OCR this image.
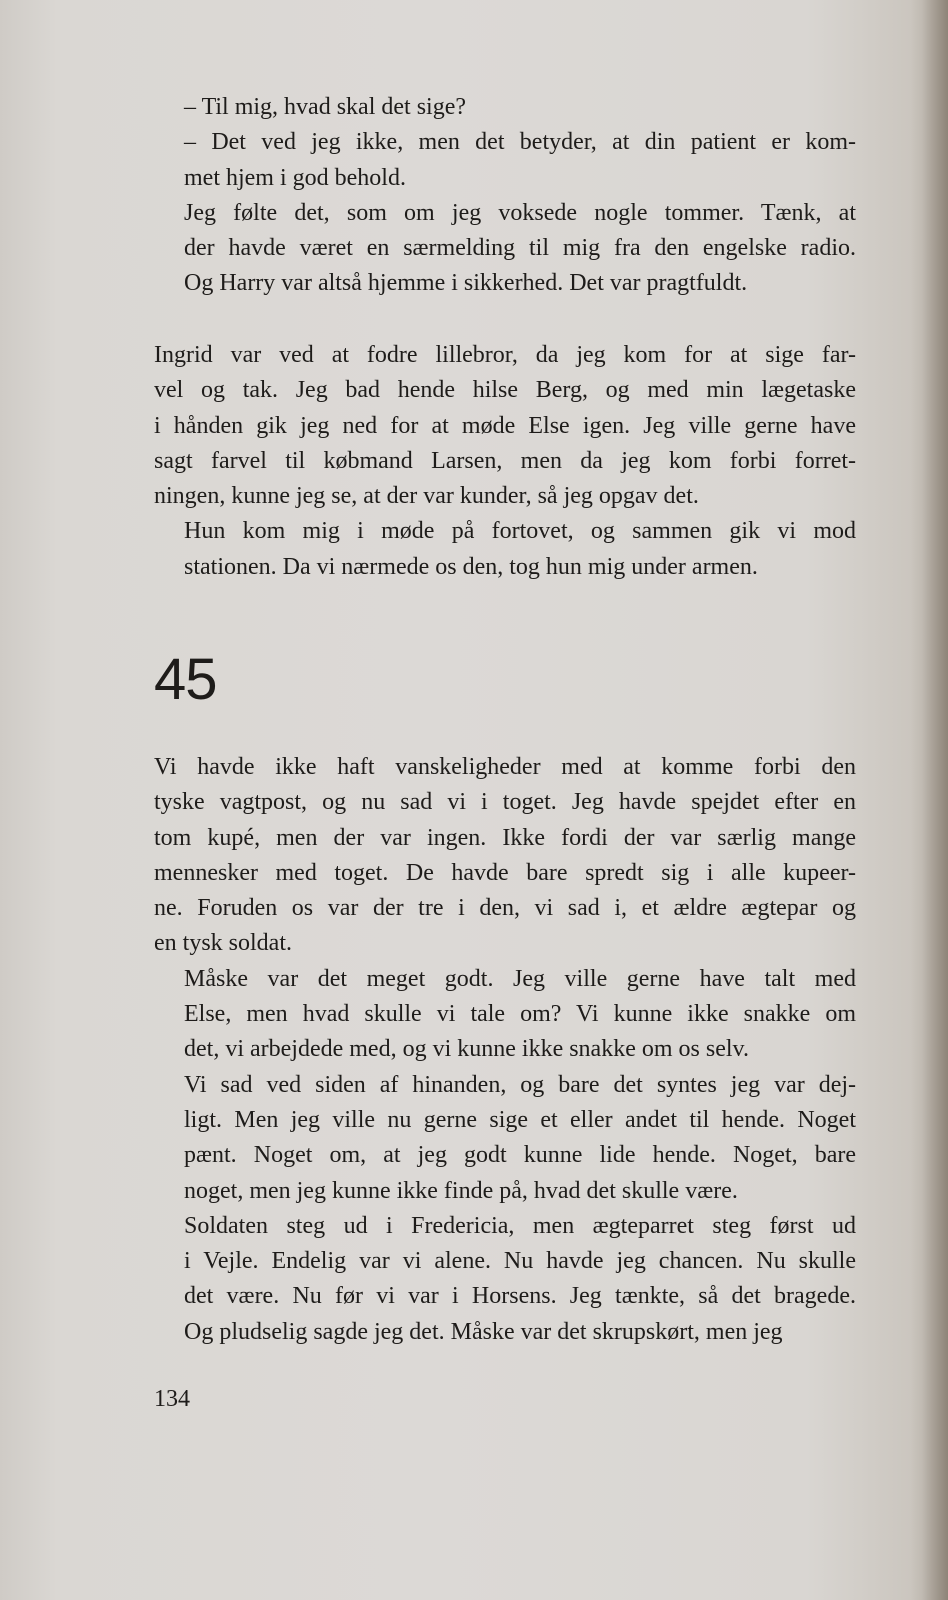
– Til mig, hvad skal det sige?

– Det ved jeg ikke, men det betyder, at din patient er kom-
met hjem i god behold.

Jeg følte det, som om jeg voksede nogle tommer. Tænk, at
der havde været en særmelding til mig fra den engelske radio.
Og Harry var altså hjemme i sikkerhed. Det var pragtfuldt.

Ingrid var ved at fodre lillebror, da jeg kom for at sige far-
vel og tak. Jeg bad hende hilse Berg, og med min lægetaske
i hånden gik jeg ned for at møde Else igen. Jeg ville gerne have
sagt farvel til købmand Larsen, men da jeg kom forbi forret-
ningen, kunne jeg se, at der var kunder, så jeg opgav det.

Hun kom mig i møde på fortovet, og sammen gik vi mod
stationen. Da vi nærmede os den, tog hun mig under armen.

45

Vi havde ikke haft vanskeligheder med at komme forbi den
tyske vagtpost, og nu sad vi i toget. Jeg havde spejdet efter en
tom kupé, men der var ingen. Ikke fordi der var særlig mange
mennesker med toget. De havde bare spredt sig i alle kupeer-
ne. Foruden os var der tre i den, vi sad i, et ældre ægtepar og
en tysk soldat.

Måske var det meget godt. Jeg ville gerne have talt med
Else, men hvad skulle vi tale om? Vi kunne ikke snakke om
det, vi arbejdede med, og vi kunne ikke snakke om os selv.

Vi sad ved siden af hinanden, og bare det syntes jeg var dej-
ligt. Men jeg ville nu gerne sige et eller andet til hende. Noget
pænt. Noget om, at jeg godt kunne lide hende. Noget, bare
noget, men jeg kunne ikke finde på, hvad det skulle være.

Soldaten steg ud i Fredericia, men ægteparret steg først ud
i Vejle. Endelig var vi alene. Nu havde jeg chancen. Nu skulle
det være. Nu før vi var i Horsens. Jeg tænkte, så det bragede.
Og pludselig sagde jeg det. Måske var det skrupskørt, men jeg

134
